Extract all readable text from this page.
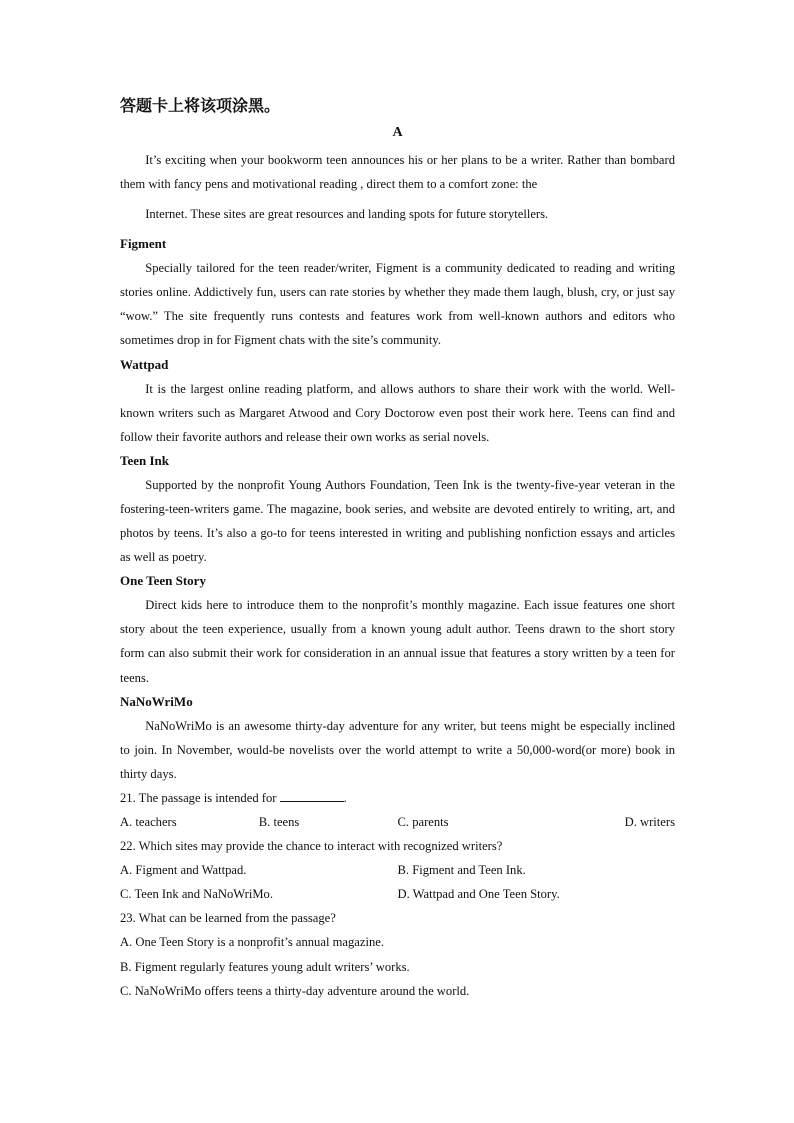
答题卡上将该项涂黑。
A

It’s exciting when your bookworm teen announces his or her plans to be a writer. Rather than bombard them with fancy pens and motivational reading , direct them to a comfort zone: the
Internet. These sites are great resources and landing spots for future storytellers.

Figment

Specially tailored for the teen reader/writer, Figment is a community dedicated to reading and writing stories online. Addictively fun, users can rate stories by whether they made them laugh, blush, cry, or just say “wow.” The site frequently runs contests and features work from well-known authors and editors who sometimes drop in for Figment chats with the site’s community.

Wattpad

It is the largest online reading platform, and allows authors to share their work with the world. Well-known writers such as Margaret Atwood and Cory Doctorow even post their work here. Teens can find and follow their favorite authors and release their own works as serial novels.

Teen Ink

Supported by the nonprofit Young Authors Foundation, Teen Ink is the twenty-five-year veteran in the fostering-teen-writers game. The magazine, book series, and website are devoted entirely to writing, art, and photos by teens. It’s also a go-to for teens interested in writing and publishing nonfiction essays and articles as well as poetry.

One Teen Story

Direct kids here to introduce them to the nonprofit’s monthly magazine. Each issue features one short story about the teen experience, usually from a known young adult author. Teens drawn to the short story form can also submit their work for consideration in an annual issue that features a story written by a teen for teens.

NaNoWriMo

NaNoWriMo is an awesome thirty-day adventure for any writer, but teens might be especially inclined to join. In November, would-be novelists over the world attempt to write a 50,000-word(or more) book in thirty days.

21. The passage is intended for	.
A. teachers	B. teens	C. parents	D. writers
22. Which sites may provide the chance to interact with recognized writers?
A. Figment and Wattpad.	B. Figment and Teen Ink.
C. Teen Ink and NaNoWriMo.	D. Wattpad and One Teen Story.
23. What can be learned from the passage?
A. One Teen Story is a nonprofit’s annual magazine.
B. Figment regularly features young adult writers’ works.
C. NaNoWriMo offers teens a thirty-day adventure around the world.
